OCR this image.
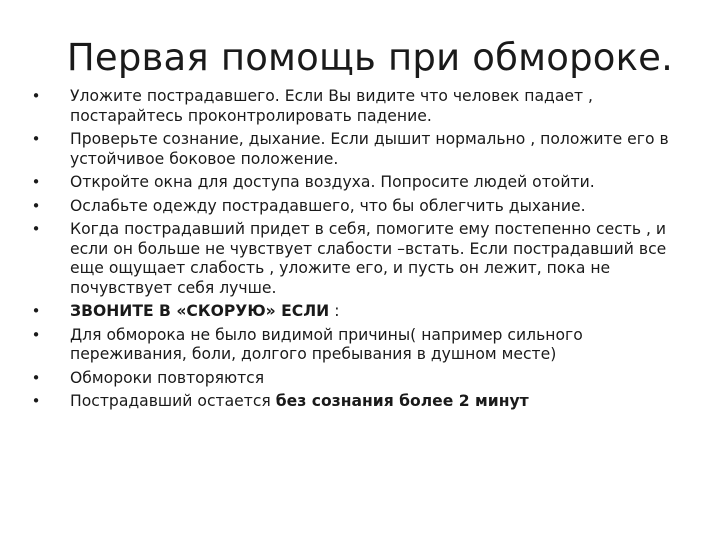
Первая помощь при обмороке.
•	Уложите пострадавшего. Если Вы видите что человек падает , постарайтесь проконтролировать падение.
•	Проверьте сознание, дыхание. Если дышит нормально , положите его в устойчивое боковое положение.
•	Откройте окна для доступа воздуха. Попросите людей отойти.
•	Ослабьте одежду пострадавшего, что бы облегчить дыхание.
•	Когда пострадавший придет в себя, помогите ему постепенно сесть , и если он больше не чувствует слабости –встать. Если пострадавший все еще ощущает слабость , уложите его, и пусть он лежит, пока не почувствует себя лучше.
•	ЗВОНИТЕ В «СКОРУЮ» ЕСЛИ :
•	Для обморока не было видимой причины( например сильного переживания, боли, долгого пребывания в душном месте)
•	Обмороки повторяются
•	Пострадавший остается без сознания более 2 минут
